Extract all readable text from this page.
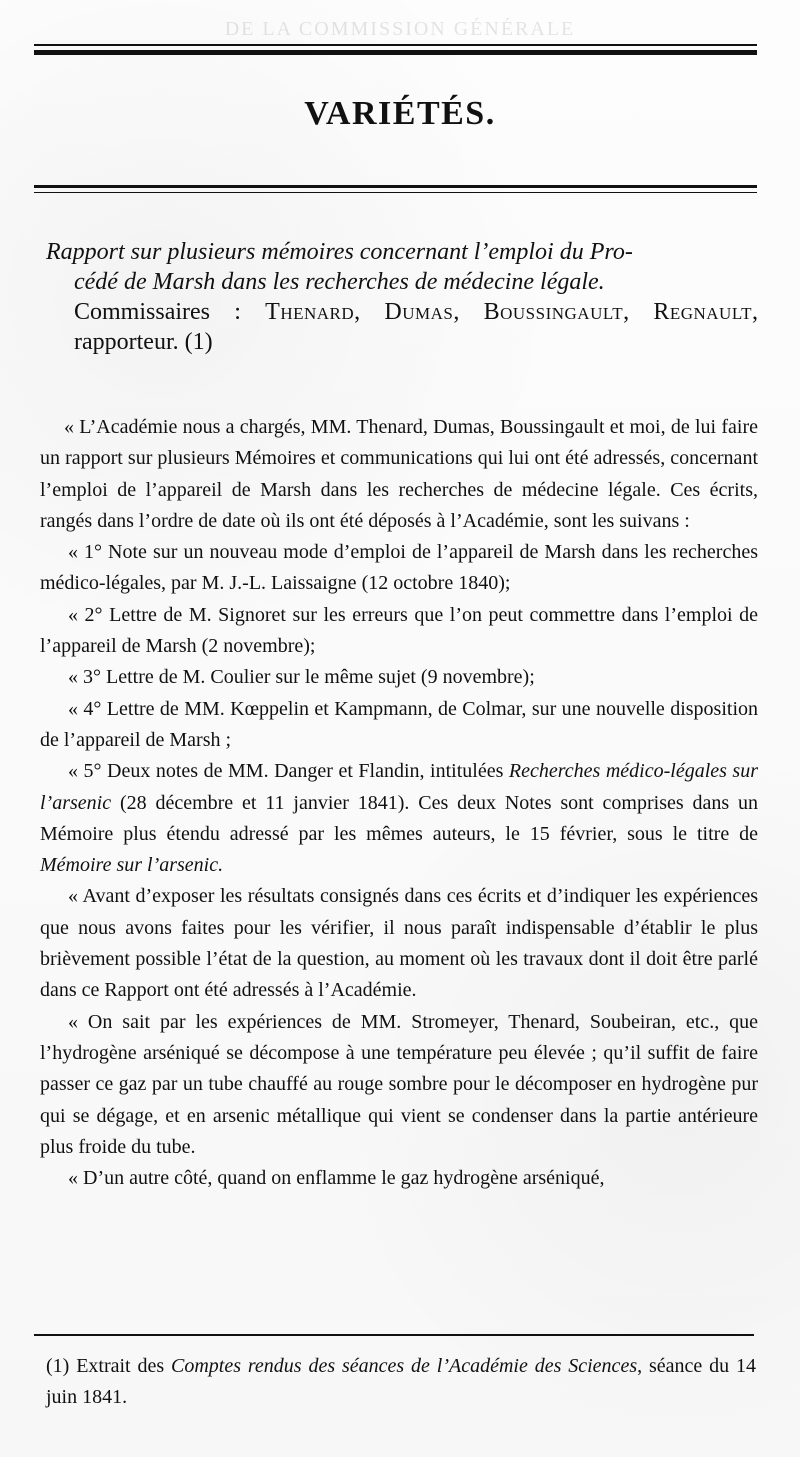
DE LA COMMISSION GÉNÉRALE
VARIÉTÉS.
Rapport sur plusieurs mémoires concernant l’emploi du Pro-
cédé de Marsh dans les recherches de médecine légale.
Commissaires : Thenard, Dumas, Boussingault, Regnault, rapporteur. (1)

« L’Académie nous a chargés, MM. Thenard, Dumas, Boussingault et moi, de lui faire un rapport sur plusieurs Mémoires et communications qui lui ont été adressés, concernant l’emploi de l’appareil de Marsh dans les recherches de médecine légale. Ces écrits, rangés dans l’ordre de date où ils ont été déposés à l’Académie, sont les suivans :

« 1° Note sur un nouveau mode d’emploi de l’appareil de Marsh dans les recherches médico-légales, par M. J.-L. Laissaigne (12 octobre 1840);

« 2° Lettre de M. Signoret sur les erreurs que l’on peut commettre dans l’emploi de l’appareil de Marsh (2 novembre);

« 3° Lettre de M. Coulier sur le même sujet (9 novembre);

« 4° Lettre de MM. Kœppelin et Kampmann, de Colmar, sur une nouvelle disposition de l’appareil de Marsh ;

« 5° Deux notes de MM. Danger et Flandin, intitulées Recherches médico-légales sur l’arsenic (28 décembre et 11 janvier 1841). Ces deux Notes sont comprises dans un Mémoire plus étendu adressé par les mêmes auteurs, le 15 février, sous le titre de Mémoire sur l’arsenic.

« Avant d’exposer les résultats consignés dans ces écrits et d’indiquer les expériences que nous avons faites pour les vérifier, il nous paraît indispensable d’établir le plus brièvement possible l’état de la question, au moment où les travaux dont il doit être parlé dans ce Rapport ont été adressés à l’Académie.

« On sait par les expériences de MM. Stromeyer, Thenard, Soubeiran, etc., que l’hydrogène arséniqué se décompose à une température peu élevée ; qu’il suffit de faire passer ce gaz par un tube chauffé au rouge sombre pour le décomposer en hydrogène pur qui se dégage, et en arsenic métallique qui vient se condenser dans la partie antérieure plus froide du tube.

« D’un autre côté, quand on enflamme le gaz hydrogène arséniqué,

(1) Extrait des Comptes rendus des séances de l’Académie des Sciences, séance du 14 juin 1841.
